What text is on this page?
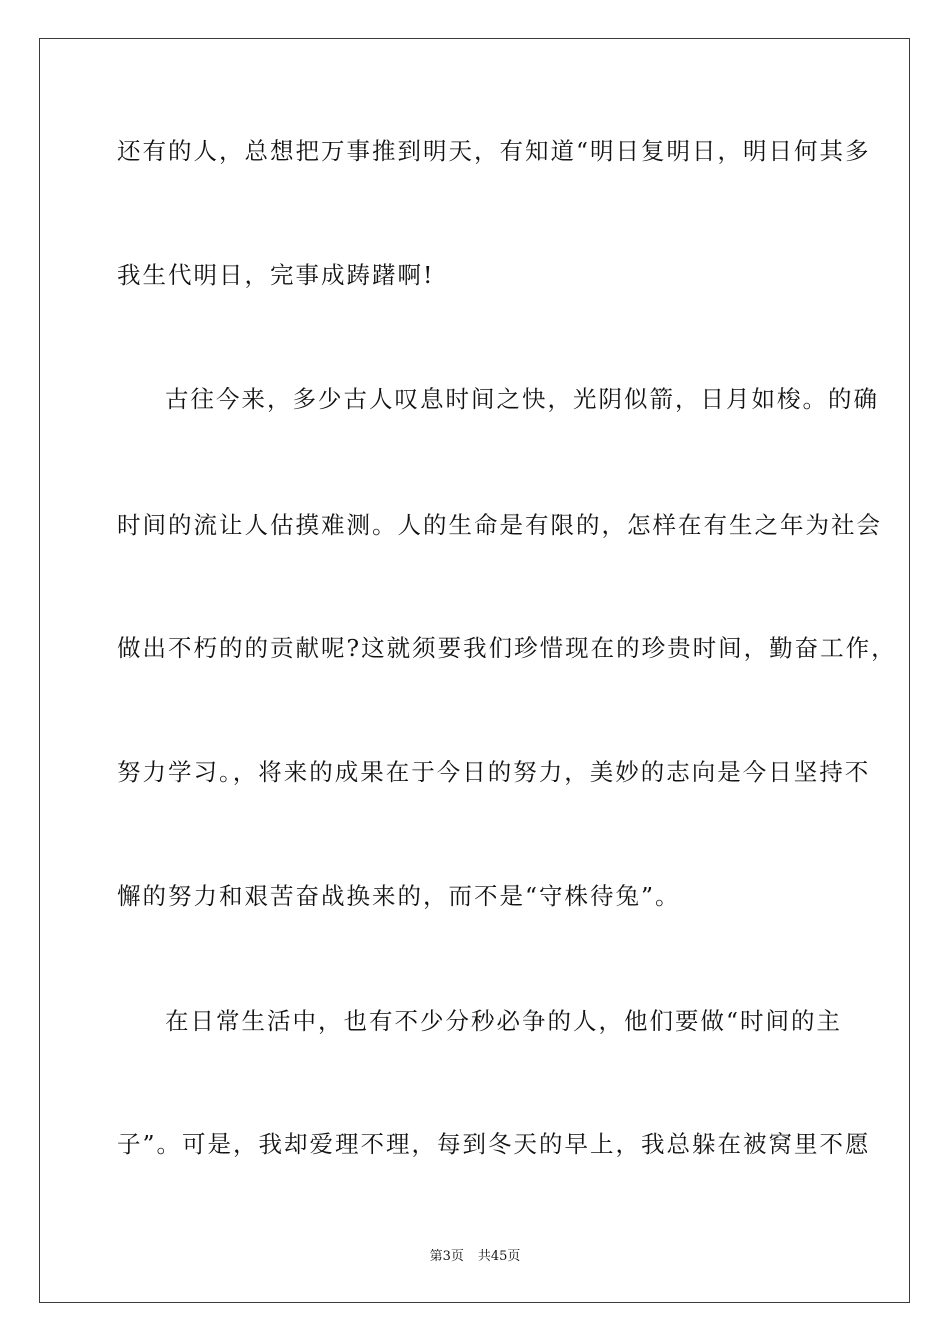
还有的人，总想把万事推到明天，有知道“明日复明日，明日何其多

我生代明日，完事成踌躇啊!

古往今来，多少古人叹息时间之快，光阴似箭，日月如梭。的确

时间的流让人估摸难测。人的生命是有限的，怎样在有生之年为社会

做出不朽的的贡献呢?这就须要我们珍惜现在的珍贵时间，勤奋工作，

努力学习。，将来的成果在于今日的努力，美妙的志向是今日坚持不

懈的努力和艰苦奋战换来的，而不是“守株待兔”。

在日常生活中，也有不少分秒必争的人，他们要做“时间的主

子”。可是，我却爱理不理，每到冬天的早上，我总躲在被窝里不愿

第3页 共45页
